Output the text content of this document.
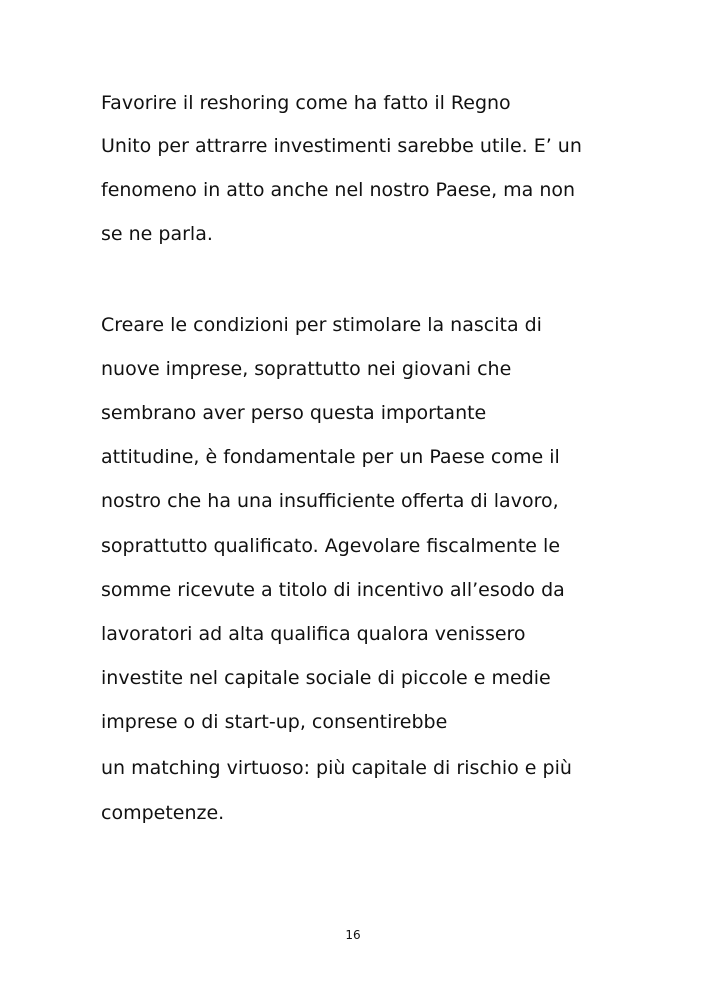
Favorire il reshoring come ha fatto il Regno
Unito per attrarre investimenti sarebbe utile. E’ un
fenomeno in atto anche nel nostro Paese, ma non
se ne parla.
Creare le condizioni per stimolare la nascita di
nuove imprese, soprattutto nei giovani che
sembrano aver perso questa importante
attitudine, è fondamentale per un Paese come il
nostro che ha una insufficiente offerta di lavoro,
soprattutto qualificato. Agevolare fiscalmente le
somme ricevute a titolo di incentivo all’esodo da
lavoratori ad alta qualifica qualora venissero
investite nel capitale sociale di piccole e medie
imprese o di start-up, consentirebbe
un matching virtuoso: più capitale di rischio e più
competenze.
16
